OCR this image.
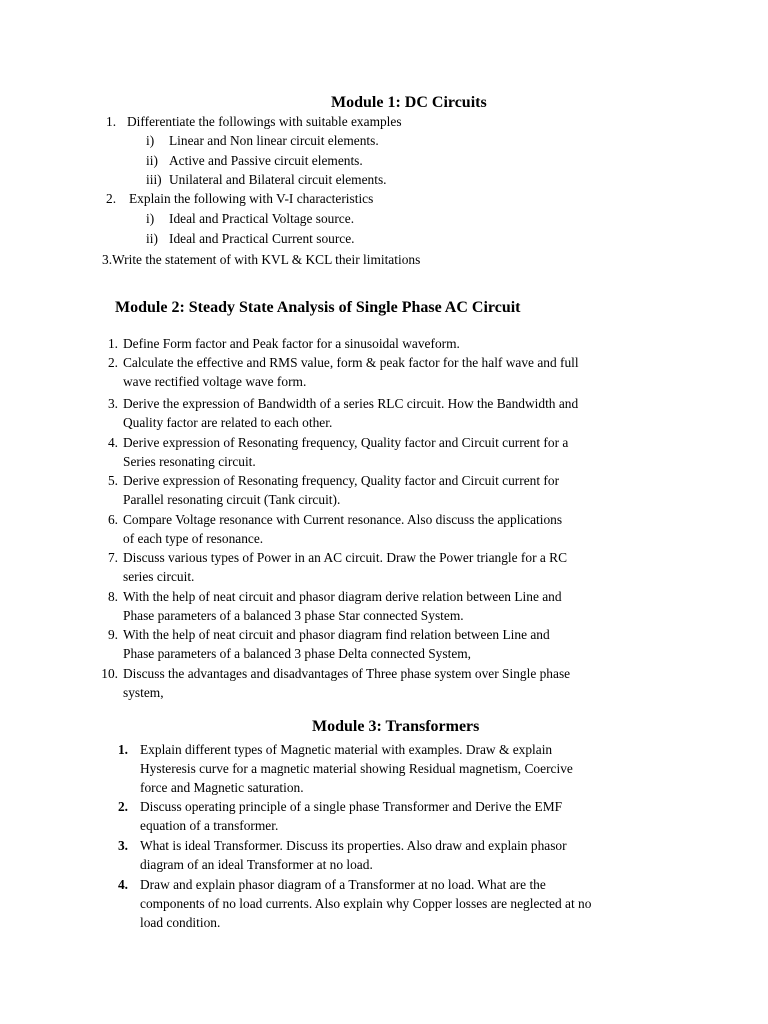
Module 1: DC Circuits
1. Differentiate the followings with suitable examples
i) Linear and Non linear circuit elements.
ii) Active and Passive circuit elements.
iii) Unilateral and Bilateral circuit elements.
2. Explain the following with V-I characteristics
i) Ideal and Practical Voltage source.
ii) Ideal and Practical Current source.
3.Write the statement of with KVL & KCL their limitations
Module 2: Steady State Analysis of Single Phase AC Circuit
1. Define Form factor and Peak factor for a sinusoidal waveform.
2. Calculate the effective and RMS value, form & peak factor for the half wave and full
wave rectified voltage wave form.
3. Derive the expression of Bandwidth of a series RLC circuit. How the Bandwidth and
Quality factor are related to each other.
4. Derive expression of Resonating frequency, Quality factor and Circuit current for a
Series resonating circuit.
5. Derive expression of Resonating frequency, Quality factor and Circuit current for
Parallel resonating circuit (Tank circuit).
6. Compare Voltage resonance with Current resonance. Also discuss the applications
of each type of resonance.
7. Discuss various types of Power in an AC circuit. Draw the Power triangle for a RC
series circuit.
8. With the help of neat circuit and phasor diagram derive relation between Line and
Phase parameters of a balanced 3 phase Star connected System.
9. With the help of neat circuit and phasor diagram find relation between Line and
Phase parameters of a balanced 3 phase Delta connected System,
10. Discuss the advantages and disadvantages of Three phase system over Single phase
system,
Module 3: Transformers
1. Explain different types of Magnetic material with examples. Draw & explain
Hysteresis curve for a magnetic material showing Residual magnetism, Coercive
force and Magnetic saturation.
2. Discuss operating principle of a single phase Transformer and Derive the EMF
equation of a transformer.
3. What is ideal Transformer. Discuss its properties. Also draw and explain phasor
diagram of an ideal Transformer at no load.
4. Draw and explain phasor diagram of a Transformer at no load. What are the
components of no load currents. Also explain why Copper losses are neglected at no
load condition.
